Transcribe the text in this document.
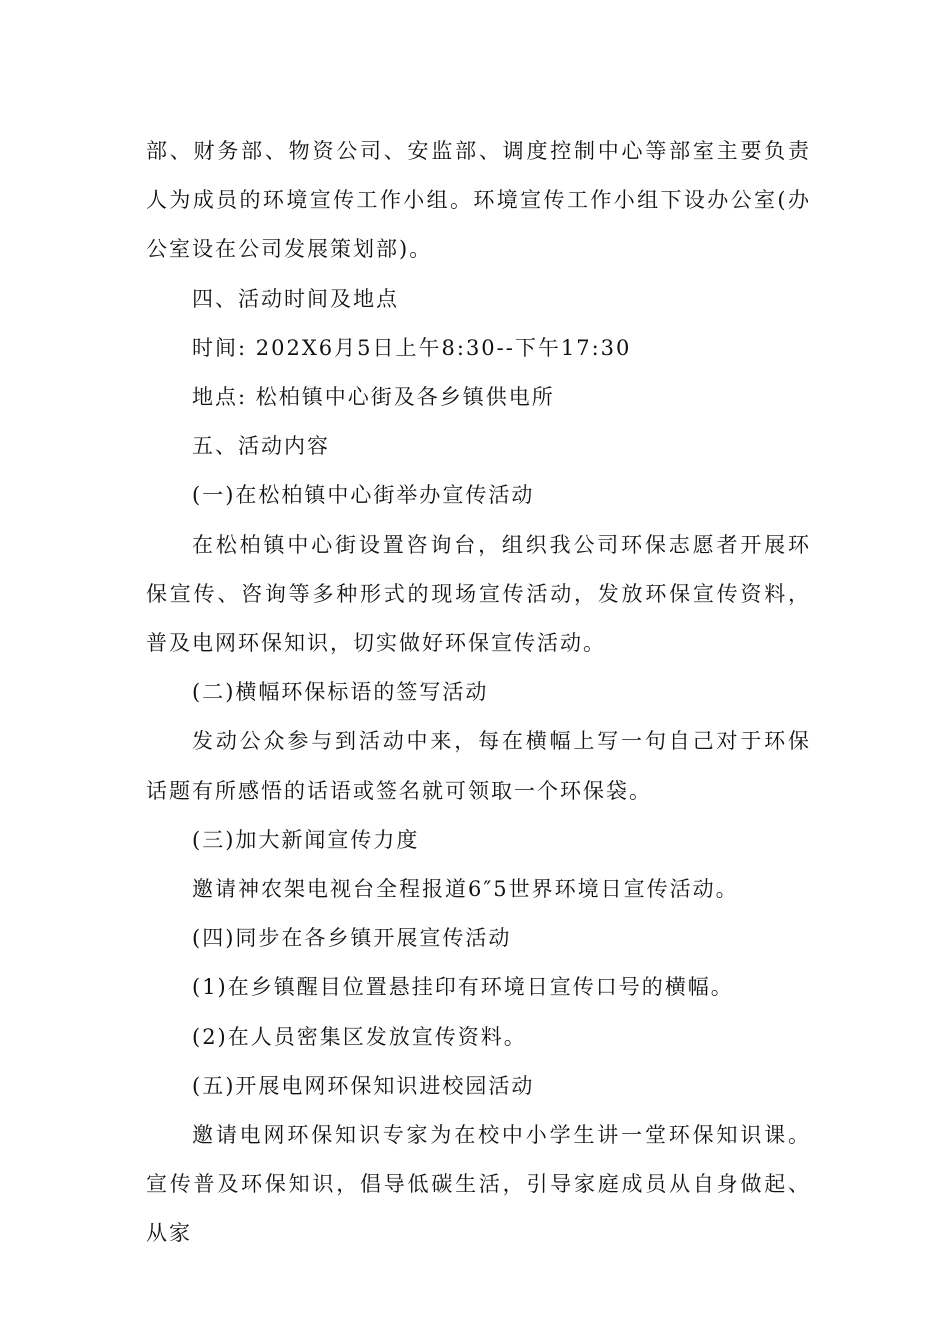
部、财务部、物资公司、安监部、调度控制中心等部室主要负责人为成员的环境宣传工作小组。环境宣传工作小组下设办公室(办公室设在公司发展策划部)。

四、活动时间及地点

时间: 202X6月5日上午8:30--下午17:30

地点: 松柏镇中心街及各乡镇供电所

五、活动内容

(一)在松柏镇中心街举办宣传活动

在松柏镇中心街设置咨询台，组织我公司环保志愿者开展环保宣传、咨询等多种形式的现场宣传活动，发放环保宣传资料，普及电网环保知识，切实做好环保宣传活动。

(二)横幅环保标语的签写活动

发动公众参与到活动中来，每在横幅上写一句自己对于环保话题有所感悟的话语或签名就可领取一个环保袋。

(三)加大新闻宣传力度

邀请神农架电视台全程报道6″5世界环境日宣传活动。

(四)同步在各乡镇开展宣传活动

(1)在乡镇醒目位置悬挂印有环境日宣传口号的横幅。

(2)在人员密集区发放宣传资料。

(五)开展电网环保知识进校园活动

邀请电网环保知识专家为在校中小学生讲一堂环保知识课。宣传普及环保知识，倡导低碳生活，引导家庭成员从自身做起、从家
